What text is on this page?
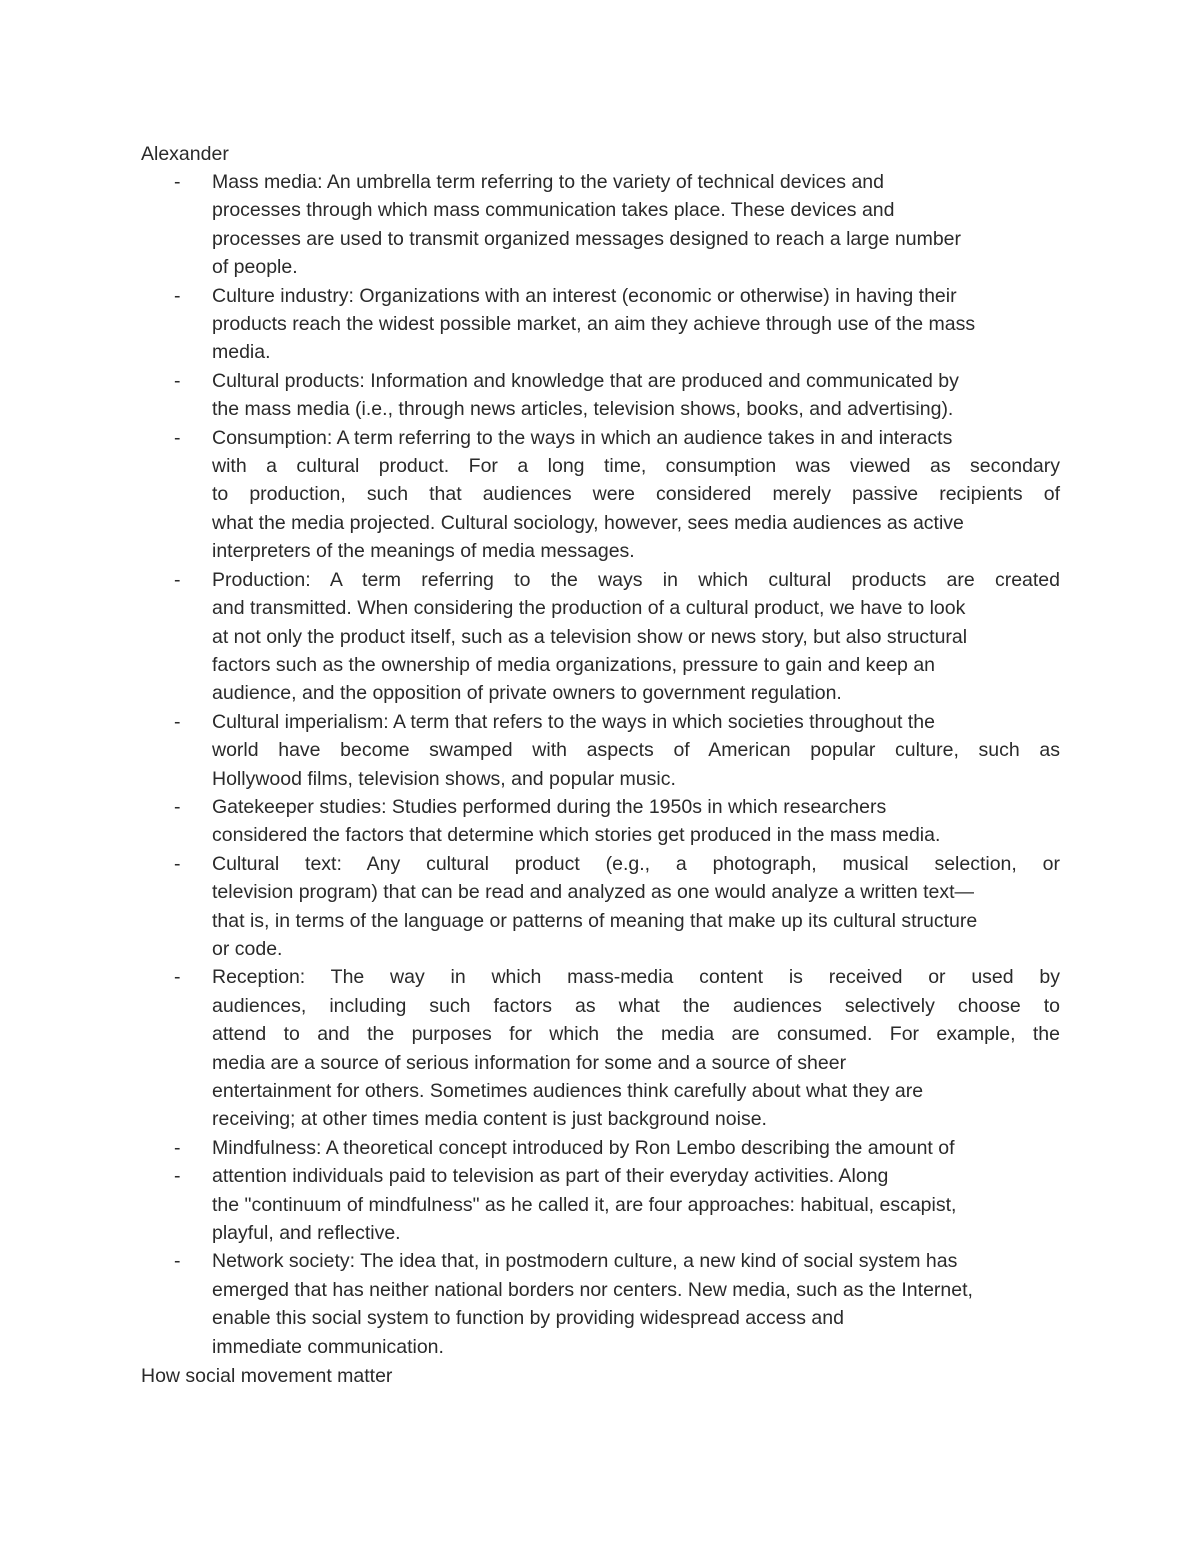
Alexander
- Mass media: An umbrella term referring to the variety of technical devices and
processes through which mass communication takes place. These devices and
processes are used to transmit organized messages designed to reach a large number
of people.
- Culture industry: Organizations with an interest (economic or otherwise) in having their
products reach the widest possible market, an aim they achieve through use of the mass
media.
- Cultural products: Information and knowledge that are produced and communicated by
the mass media (i.e., through news articles, television shows, books, and advertising).
- Consumption: A term referring to the ways in which an audience takes in and interacts
with a cultural product. For a long time, consumption was viewed as secondary
to production, such that audiences were considered merely passive recipients of
what the media projected. Cultural sociology, however, sees media audiences as active
interpreters of the meanings of media messages.
- Production: A term referring to the ways in which cultural products are created
and transmitted. When considering the production of a cultural product, we have to look
at not only the product itself, such as a television show or news story, but also structural
factors such as the ownership of media organizations, pressure to gain and keep an
audience, and the opposition of private owners to government regulation.
- Cultural imperialism: A term that refers to the ways in which societies throughout the
world have become swamped with aspects of American popular culture, such as
Hollywood films, television shows, and popular music.
- Gatekeeper studies: Studies performed during the 1950s in which researchers
considered the factors that determine which stories get produced in the mass media.
- Cultural text: Any cultural product (e.g., a photograph, musical selection, or
television program) that can be read and analyzed as one would analyze a written text—
that is, in terms of the language or patterns of meaning that make up its cultural structure
or code.
- Reception: The way in which mass-media content is received or used by
audiences, including such factors as what the audiences selectively choose to
attend to and the purposes for which the media are consumed. For example, the
media are a source of serious information for some and a source of sheer
entertainment for others. Sometimes audiences think carefully about what they are
receiving; at other times media content is just background noise.
- Mindfulness: A theoretical concept introduced by Ron Lembo describing the amount of
- attention individuals paid to television as part of their everyday activities. Along
the "continuum of mindfulness" as he called it, are four approaches: habitual, escapist,
playful, and reflective.
- Network society: The idea that, in postmodern culture, a new kind of social system has
emerged that has neither national borders nor centers. New media, such as the Internet,
enable this social system to function by providing widespread access and
immediate communication.
How social movement matter
